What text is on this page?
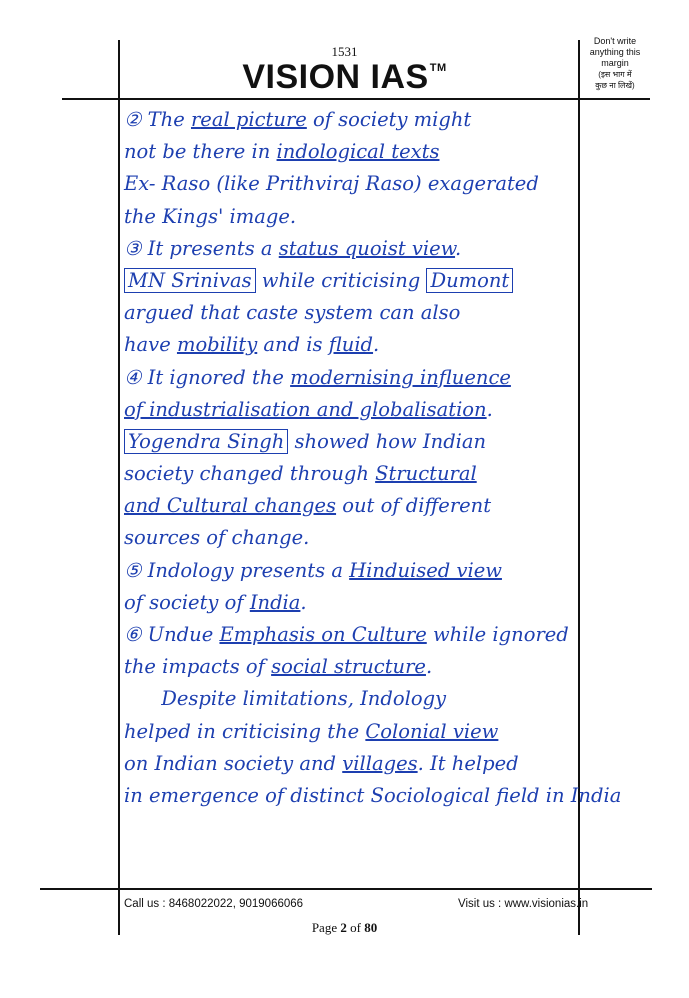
1531
VISION IAS™
Don't write
anything this
margin
(इस भाग में
कुछ ना लिखें)
② The real picture of society might
not be there in indological texts
Ex- Raso (like Prithviraj Raso) exagerated
the Kings' image.
③ It presents a status quoist view.
MN Srinivas while criticising Dumont
argued that caste system can also
have mobility and is fluid.
④ It ignored the modernising influence
of industrialisation and globalisation.
Yogendra Singh showed how Indian
society changed through Structural
and Cultural changes out of different
sources of change.
⑤ Indology presents a Hinduised view
of society of India.
⑥ Undue Emphasis on Culture while ignored
the impacts of social structure.
Despite limitations, Indology
helped in criticising the Colonial view
on Indian society and villages. It helped
in emergence of distinct Sociological field in India
Call us : 8468022022, 9019066066	Visit us : www.visionias.in
Page 2 of 80
